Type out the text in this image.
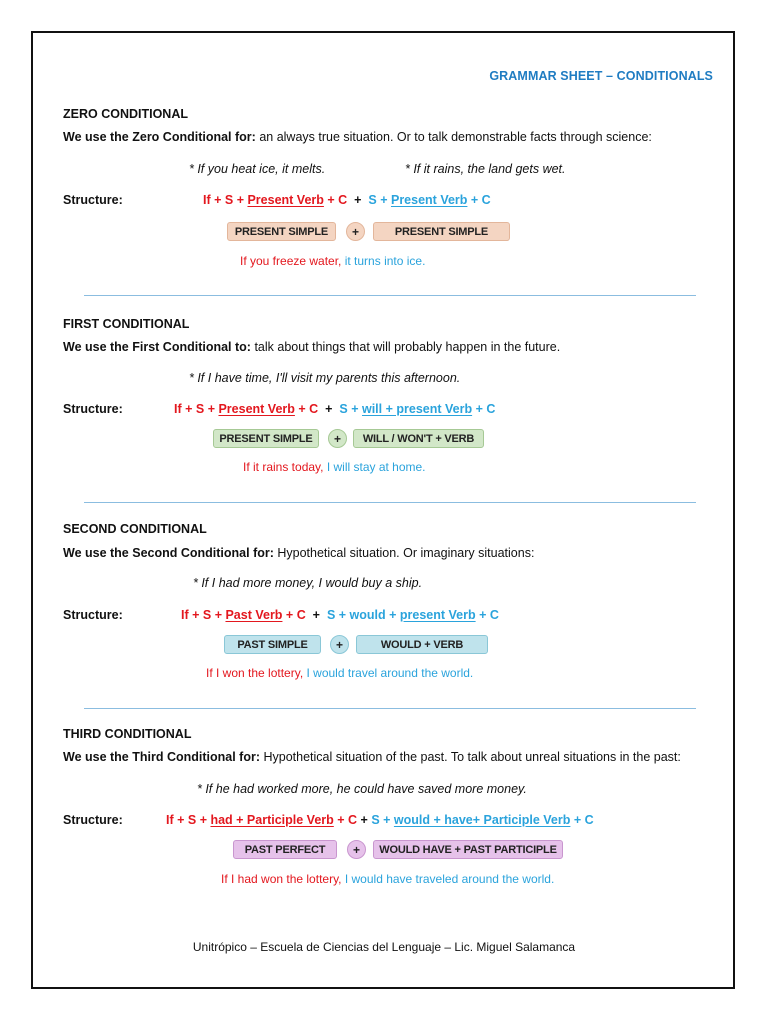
GRAMMAR SHEET – CONDITIONALS

ZERO CONDITIONAL

We use the Zero Conditional for: an always true situation. Or to talk demonstrable facts through science:

* If you heat ice, it melts.	* If it rains, the land gets wet.

Structure:	If + S + Present Verb + C  +  S + Present Verb + C

PRESENT SIMPLE	+	PRESENT SIMPLE

If you freeze water, it turns into ice.

FIRST CONDITIONAL

We use the First Conditional to: talk about things that will probably happen in the future.

* If I have time, I'll visit my parents this afternoon.

Structure:	If + S + Present Verb + C  +  S + will + present Verb + C

PRESENT SIMPLE	+	WILL / WON'T + VERB

If it rains today, I will stay at home.

SECOND CONDITIONAL

We use the Second Conditional for: Hypothetical situation. Or imaginary situations:

* If I had more money, I would buy a ship.

Structure:	If + S + Past Verb + C  +  S + would + present Verb + C

PAST SIMPLE	+	WOULD + VERB

If I won the lottery, I would travel around the world.

THIRD CONDITIONAL

We use the Third Conditional for: Hypothetical situation of the past. To talk about unreal situations in the past:

* If he had worked more, he could have saved more money.

Structure:	If + S + had + Participle Verb + C + S + would + have+ Participle Verb + C

PAST PERFECT	+	WOULD HAVE + PAST PARTICIPLE

If I had won the lottery, I would have traveled around the world.

Unitrópico – Escuela de Ciencias del Lenguaje – Lic. Miguel Salamanca
